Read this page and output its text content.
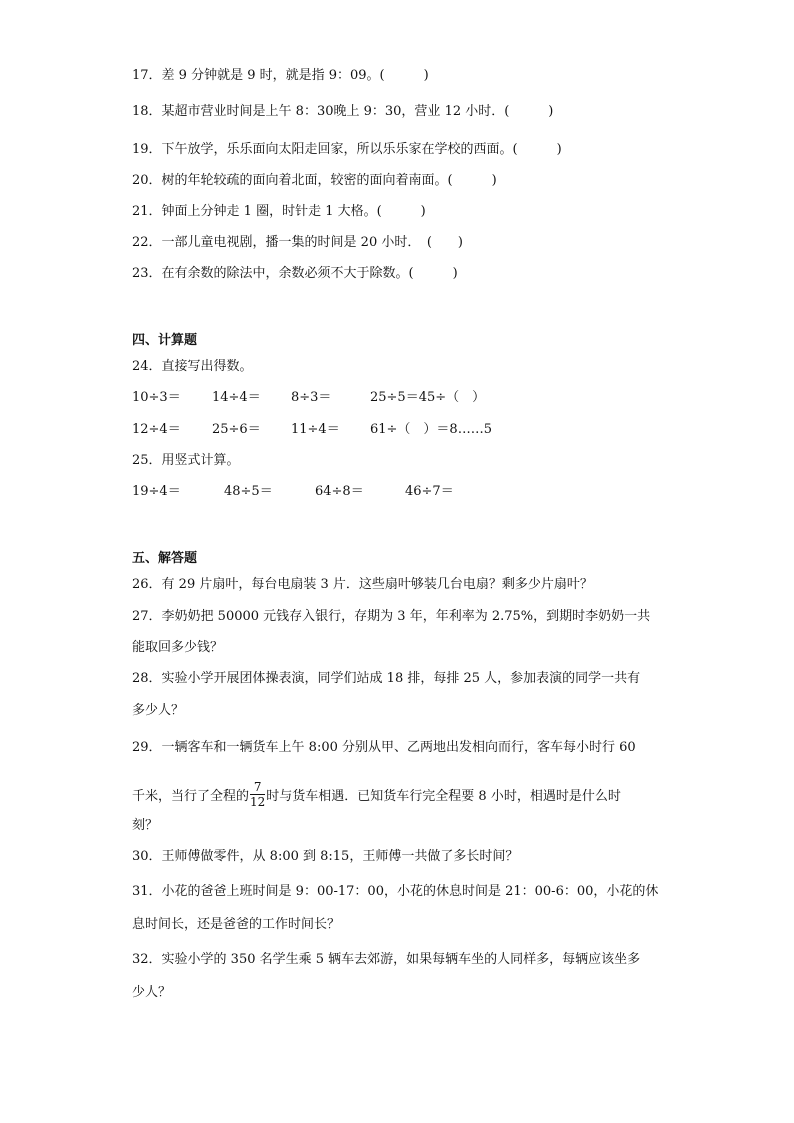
17．差 9 分钟就是 9 时，就是指 9：09。(　　　)
18．某超市营业时间是上午 8：30晚上 9：30，营业 12 小时．(　　　)
19．下午放学，乐乐面向太阳走回家，所以乐乐家在学校的西面。(　　　)
20．树的年轮较疏的面向着北面，较密的面向着南面。(　　　)
21．钟面上分钟走 1 圈，时针走 1 大格。(　　　)
22．一部儿童电视剧，播一集的时间是 20 小时．　(　　)
23．在有余数的除法中，余数必须不大于除数。(　　　)
四、计算题
24．直接写出得数。
10÷3＝ 14÷4＝ 8÷3＝	25÷5＝45÷（　）
12÷4＝ 25÷6＝ 11÷4＝ 61÷（　）＝8……5
25．用竖式计算。
19÷4＝	48÷5＝	64÷8＝	46÷7＝
五、解答题
26．有 29 片扇叶，每台电扇装 3 片．这些扇叶够装几台电扇？剩多少片扇叶？
27．李奶奶把 50000 元钱存入银行，存期为 3 年，年利率为 2.75%，到期时李奶奶一共
能取回多少钱？
28．实验小学开展团体操表演，同学们站成 18 排，每排 25 人，参加表演的同学一共有
多少人？
29．一辆客车和一辆货车上午 8:00 分别从甲、乙两地出发相向而行，客车每小时行 60
千米，当行了全程的 $\frac{7}{12}$ 时与货车相遇．已知货车行完全程要 8 小时，相遇时是什么时
刻？
30．王师傅做零件，从 8:00 到 8:15，王师傅一共做了多长时间？
31．小花的爸爸上班时间是 9：00-17：00，小花的休息时间是 21：00-6：00，小花的休
息时间长，还是爸爸的工作时间长？
32．实验小学的 350 名学生乘 5 辆车去郊游，如果每辆车坐的人同样多，每辆应该坐多
少人？
